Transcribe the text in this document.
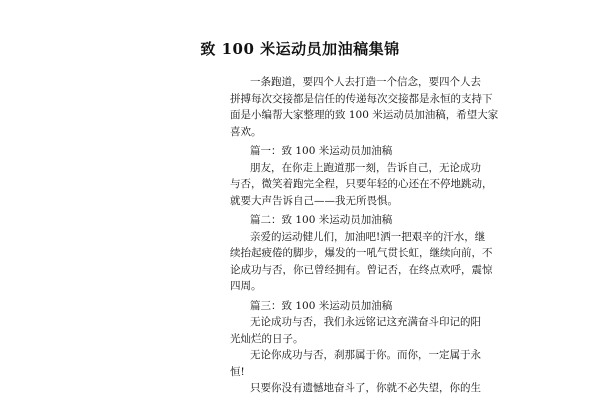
致 100 米运动员加油稿集锦
一条跑道，要四个人去打造一个信念，要四个人去
拼搏每次交接都是信任的传递每次交接都是永恒的支持下
面是小编帮大家整理的致 100 米运动员加油稿，希望大家
喜欢。
篇一：致 100 米运动员加油稿
朋友，在你走上跑道那一刻，告诉自己，无论成功
与否，微笑着跑完全程，只要年轻的心还在不停地跳动，
就要大声告诉自己——我无所畏惧。
篇二：致 100 米运动员加油稿
亲爱的运动健儿们，加油吧!洒一把艰辛的汗水，继
续抬起疲倦的脚步，爆发的一吼气贯长虹，继续向前，不
论成功与否，你已曾经拥有。曾记否，在终点欢呼，震惊
四周。
篇三：致 100 米运动员加油稿
无论成功与否，我们永远铭记这充满奋斗印记的阳
光灿烂的日子。
无论你成功与否，刹那属于你。而你，一定属于永
恒!
只要你没有遗憾地奋斗了，你就不必失望，你的生
